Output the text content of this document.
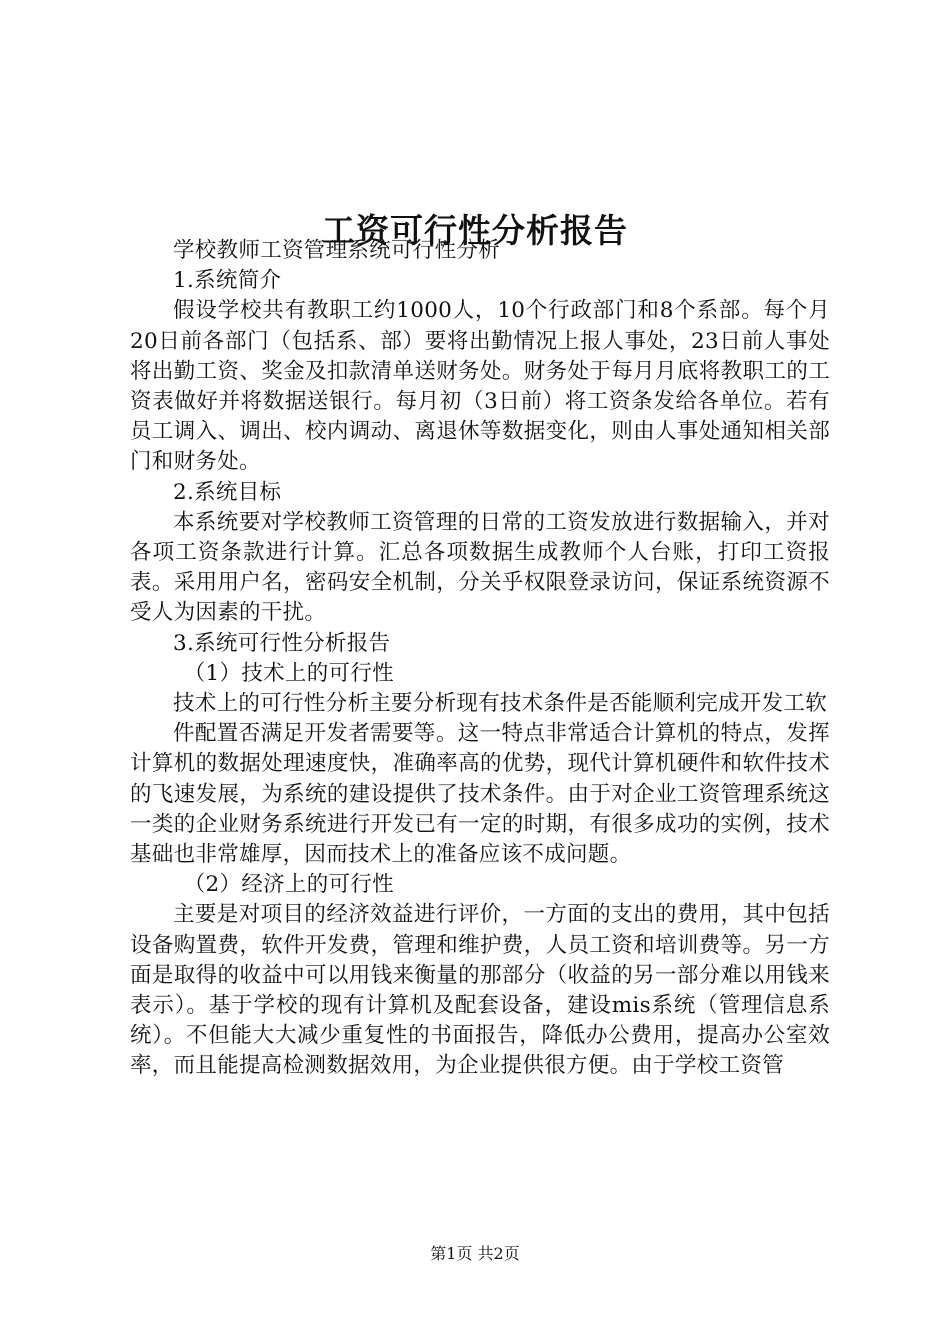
工资可行性分析报告

学校教师工资管理系统可行性分析

1.系统简介

假设学校共有教职工约1000人，10个行政部门和8个系部。每个月20日前各部门（包括系、部）要将出勤情况上报人事处，23日前人事处将出勤工资、奖金及扣款清单送财务处。财务处于每月月底将教职工的工资表做好并将数据送银行。每月初（3日前）将工资条发给各单位。若有员工调入、调出、校内调动、离退休等数据变化，则由人事处通知相关部门和财务处。

2.系统目标

本系统要对学校教师工资管理的日常的工资发放进行数据输入，并对各项工资条款进行计算。汇总各项数据生成教师个人台账，打印工资报表。采用用户名，密码安全机制，分关乎权限登录访问，保证系统资源不受人为因素的干扰。

3.系统可行性分析报告

（1）技术上的可行性

技术上的可行性分析主要分析现有技术条件是否能顺利完成开发工软

件配置否满足开发者需要等。这一特点非常适合计算机的特点，发挥计算机的数据处理速度快，准确率高的优势，现代计算机硬件和软件技术的飞速发展，为系统的建设提供了技术条件。由于对企业工资管理系统这一类的企业财务系统进行开发已有一定的时期，有很多成功的实例，技术基础也非常雄厚，因而技术上的准备应该不成问题。

（2）经济上的可行性

主要是对项目的经济效益进行评价，一方面的支出的费用，其中包括设备购置费，软件开发费，管理和维护费，人员工资和培训费等。另一方面是取得的收益中可以用钱来衡量的那部分（收益的另一部分难以用钱来表示）。基于学校的现有计算机及配套设备，建设mis系统（管理信息系统）。不但能大大减少重复性的书面报告，降低办公费用，提高办公室效率，而且能提高检测数据效用，为企业提供很方便。由于学校工资管

第1页 共2页
